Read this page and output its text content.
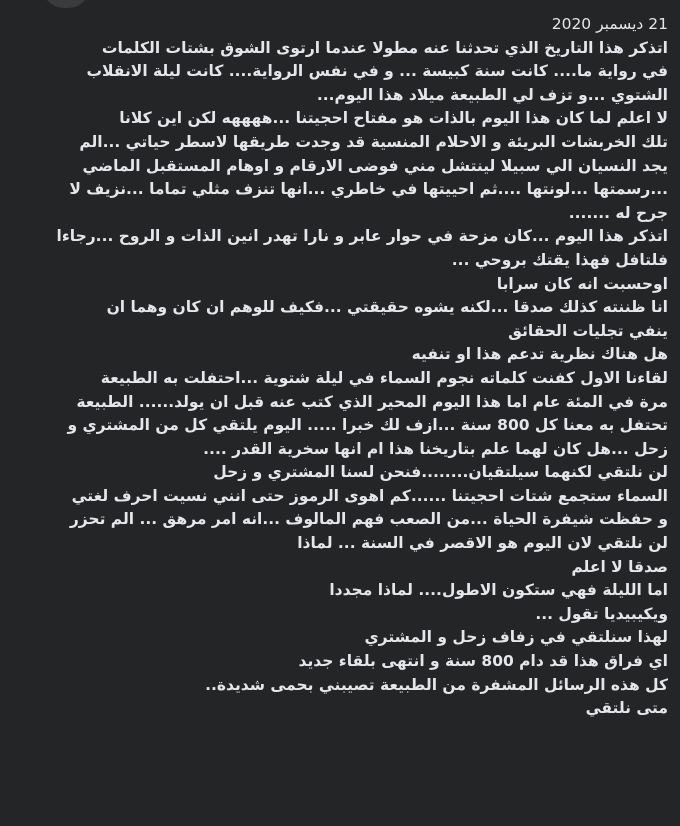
21 ديسمبر 2020
اتذكر هذا التاريخ الذي تحدثنا عنه مطولا عندما ارتوى الشوق بشتات الكلمات
في رواية ما.... كانت سنة كبيسة ... و في نفس الرواية.... كانت ليلة الانقلاب
الشتوي ...و تزف لي الطبيعة ميلاد هذا اليوم...
لا اعلم لما كان هذا اليوم بالذات هو مفتاح احجيتنا ...ههههه لكن اين كلانا
تلك الخربشات البريئة و الاحلام المنسية قد وجدت طريقها لاسطر حياتي ...الم
يجد النسيان الي سبيلا لينتشل مني فوضى الارقام و اوهام المستقبل الماضي
...رسمتها ...لونتها ....ثم احييتها في خاطري ...انها تنزف مثلي تماما ...نزيف لا
جرح له .......
اتذكر هذا اليوم ...كان مزحة في حوار عابر و نارا تهدر انين الذات و الروح ...رجاءا
فلتافل فهذا يقتك بروحي ...
اوحسبت انه كان سرابا
انا ظننته كذلك صدقا ...لكنه يشوه حقيقتي ...فكيف للوهم ان كان وهما ان
ينفي تجليات الحقائق
هل هناك نظرية تدعم هذا او تنفيه
لقاءنا الاول كفنت كلماته نجوم السماء في ليلة شتوية ...احتفلت به الطبيعة
مرة في المئة عام اما هذا اليوم المحير الذي كتب عنه قبل ان يولد...... الطبيعة
تحتفل به معنا كل 800 سنة ...ازف لك خبرا ..... اليوم يلتقي كل من المشتري و
زحل ...هل كان لهما علم بتاريخنا هذا ام انها سخرية القدر ....
لن نلتقي لكنهما سيلتقيان........فنحن لسنا المشتري و زحل
السماء ستجمع شتات احجيتنا ......كم اهوى الرموز حتى انني نسيت احرف لغتي
و حفظت شيفرة الحياة ...من الصعب فهم المالوف ...انه امر مرهق ... الم تحزر
لن نلتقي لان اليوم هو الاقصر في السنة ... لماذا
صدقا لا اعلم
اما الليلة فهي ستكون الاطول.... لماذا مجددا
ويكيبيديا تقول ...
لهذا سنلتقي في زفاف زحل و المشتري
اي فراق هذا قد دام 800 سنة و انتهى بلقاء جديد
كل هذه الرسائل المشفرة من الطبيعة تصيبني بحمى شديدة..
متى نلتقي
